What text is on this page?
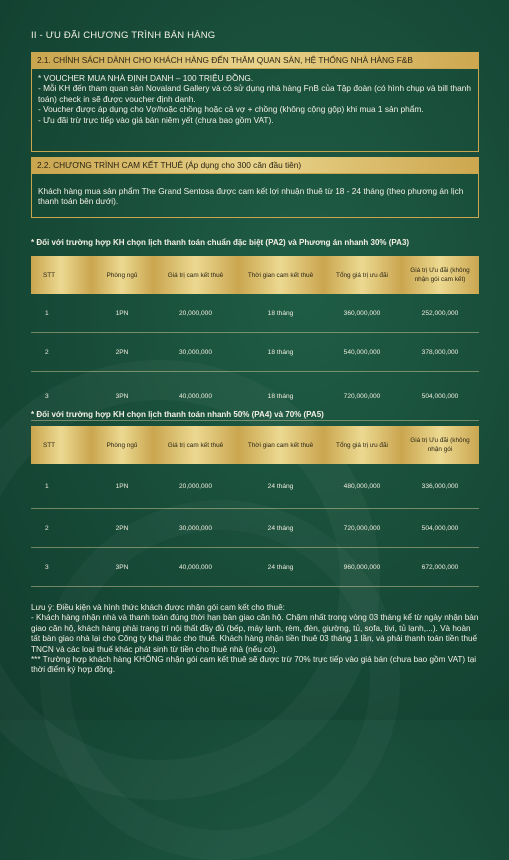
II - ƯU ĐÃI CHƯƠNG TRÌNH BÁN HÀNG
2.1. CHÍNH SÁCH DÀNH CHO KHÁCH HÀNG ĐẾN THĂM QUAN SÀN, HỆ THỐNG NHÀ HÀNG F&B

* VOUCHER MUA NHÀ ĐỊNH DANH – 100 TRIỆU ĐỒNG.

- Mỗi KH đến tham quan sàn Novaland Gallery và có sử dụng nhà hàng FnB của Tập đoàn (có hình chụp và bill thanh toán) check in sẽ được voucher định danh.

- Voucher được áp dụng cho Vợ/hoặc chồng hoặc cả vợ + chồng (không cộng gộp) khi mua 1 sản phẩm.

- Ưu đãi trừ trực tiếp vào giá bán niêm yết (chưa bao gồm VAT).

2.2. CHƯƠNG TRÌNH CAM KẾT THUÊ (Áp dụng cho 300 căn đầu tiên)

Khách hàng mua sản phẩm The Grand Sentosa được cam kết lợi nhuận thuê từ 18 - 24 tháng (theo phương án lịch thanh toán bên dưới).

* Đối với trường hợp KH chọn lịch thanh toán chuẩn đặc biệt (PA2) và Phương án nhanh 30% (PA3)
STT	Phòng ngủ	Giá trị cam kết thuê	Thời gian cam kết thuê	Tổng giá trị ưu đãi	Giá trị Ưu đãi (không nhận gói cam kết)
1	1PN	20,000,000	18 tháng	360,000,000	252,000,000
2	2PN	30,000,000	18 tháng	540,000,000	378,000,000
3	3PN	40,000,000	18 tháng	720,000,000	504,000,000
* Đối với trường hợp KH chọn lịch thanh toán nhanh 50% (PA4) và 70% (PA5)
STT	Phòng ngủ	Giá trị cam kết thuê	Thời gian cam kết thuê	Tổng giá trị ưu đãi	Giá trị Ưu đãi (không nhận gói
1	1PN	20,000,000	24 tháng	480,000,000	336,000,000
2	2PN	30,000,000	24 tháng	720,000,000	504,000,000
3	3PN	40,000,000	24 tháng	960,000,000	672,000,000

Lưu ý: Điều kiện và hình thức khách được nhận gói cam kết cho thuê:

- Khách hàng nhận nhà và thanh toán đúng thời hạn bàn giao căn hộ. Chậm nhất trong vòng 03 tháng kể từ ngày nhận bàn giao căn hộ, khách hàng phải trang trí nội thất đầy đủ (bếp, máy lạnh, rèm, đèn, giường, tủ, sofa, tivi, tủ lạnh,...). Và hoàn tất bàn giao nhà lại cho Công ty khai thác cho thuê. Khách hàng nhận tiền thuê 03 tháng 1 lần, và phải thanh toán tiền thuế TNCN và các loại thuế khác phát sinh từ tiền cho thuê nhà (nếu có).

*** Trường hợp khách hàng KHÔNG nhận gói cam kết thuê sẽ được trừ 70% trực tiếp vào giá bán (chưa bao gồm VAT) tại thời điểm ký hợp đồng.
